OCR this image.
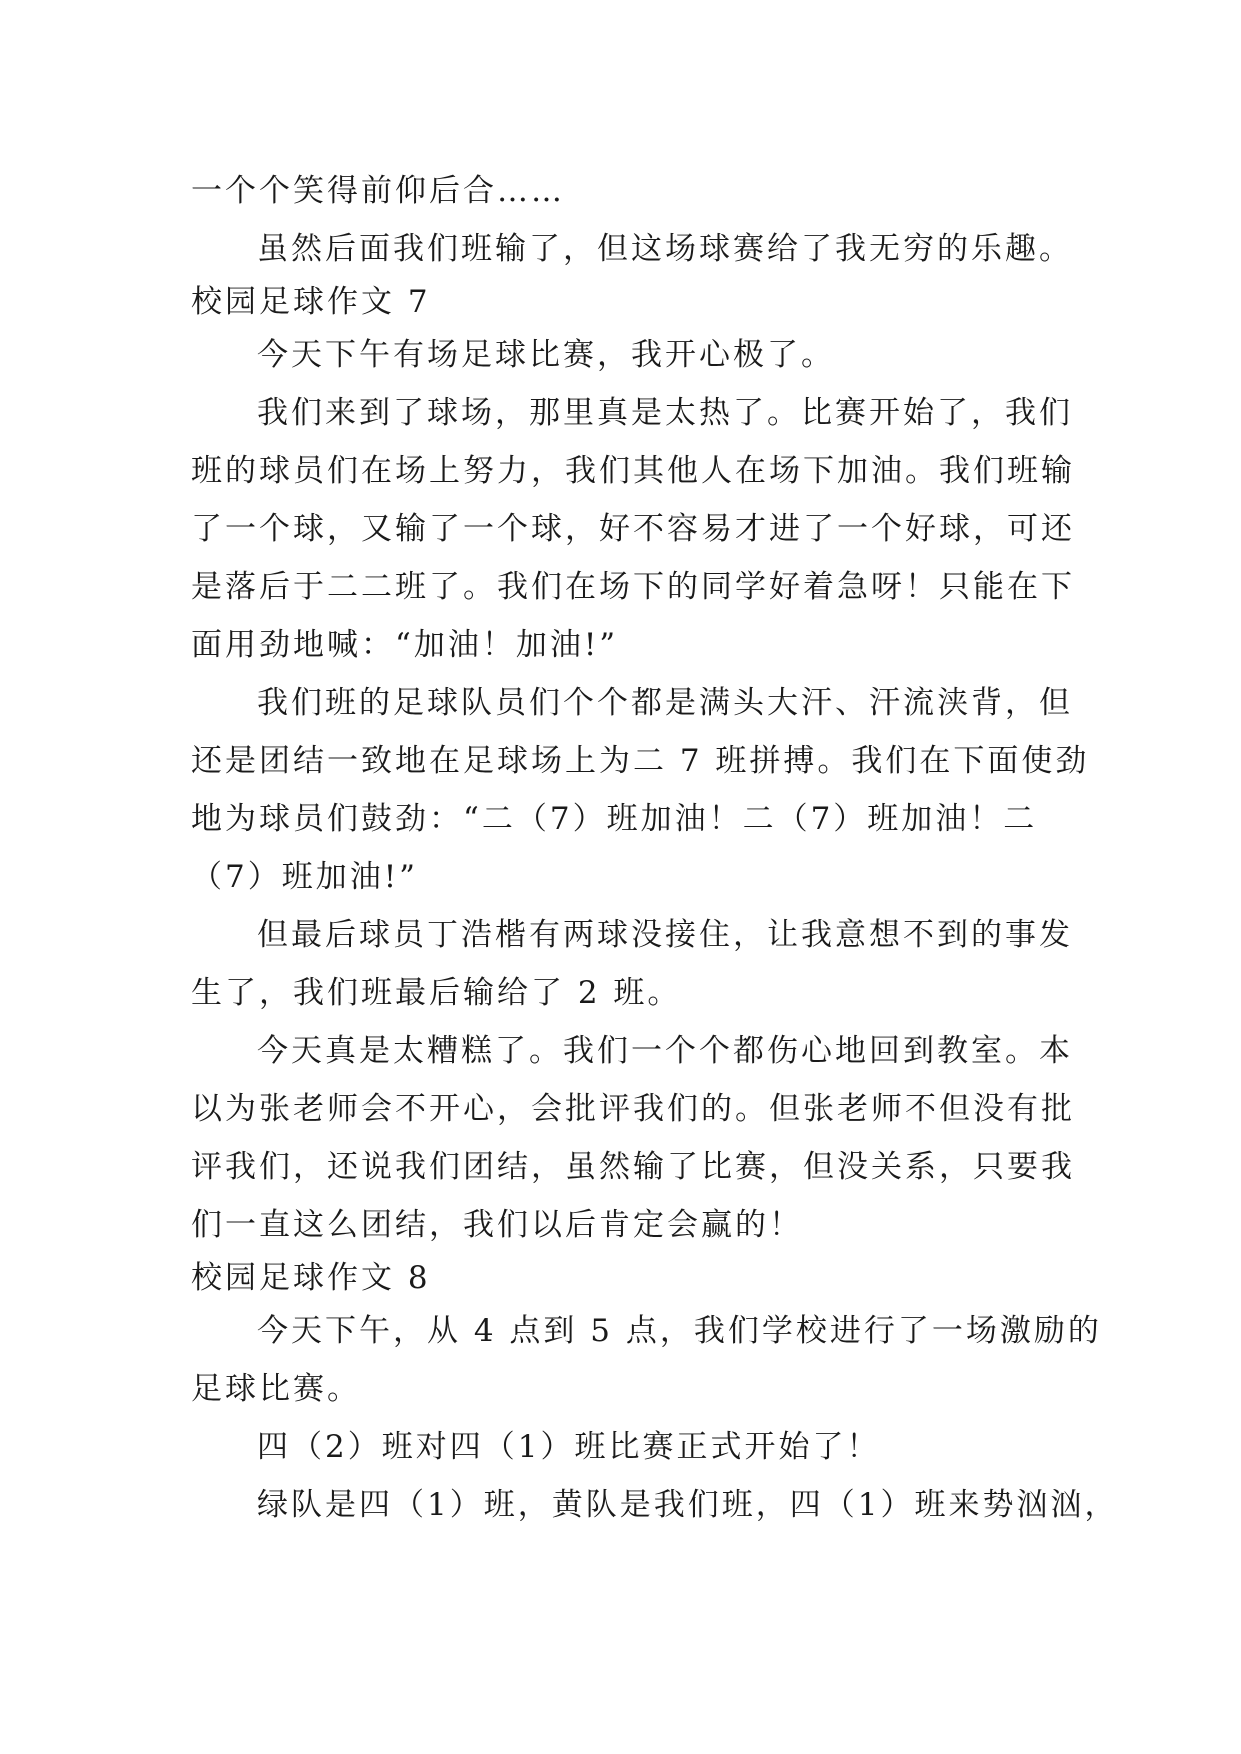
一个个笑得前仰后合……
虽然后面我们班输了，但这场球赛给了我无穷的乐趣。
校园足球作文 7
今天下午有场足球比赛，我开心极了。
我们来到了球场，那里真是太热了。比赛开始了，我们
班的球员们在场上努力，我们其他人在场下加油。我们班输
了一个球，又输了一个球，好不容易才进了一个好球，可还
是落后于二二班了。我们在场下的同学好着急呀！只能在下
面用劲地喊：“加油！加油!”
我们班的足球队员们个个都是满头大汗、汗流浃背，但
还是团结一致地在足球场上为二 7 班拼搏。我们在下面使劲
地为球员们鼓劲：“二（7）班加油！二（7）班加油！二
（7）班加油!”
但最后球员丁浩楷有两球没接住，让我意想不到的事发
生了，我们班最后输给了 2 班。
今天真是太糟糕了。我们一个个都伤心地回到教室。本
以为张老师会不开心，会批评我们的。但张老师不但没有批
评我们，还说我们团结，虽然输了比赛，但没关系，只要我
们一直这么团结，我们以后肯定会赢的！
校园足球作文 8
今天下午，从 4 点到 5 点，我们学校进行了一场激励的
足球比赛。
四（2）班对四（1）班比赛正式开始了！
绿队是四（1）班，黄队是我们班，四（1）班来势汹汹，
